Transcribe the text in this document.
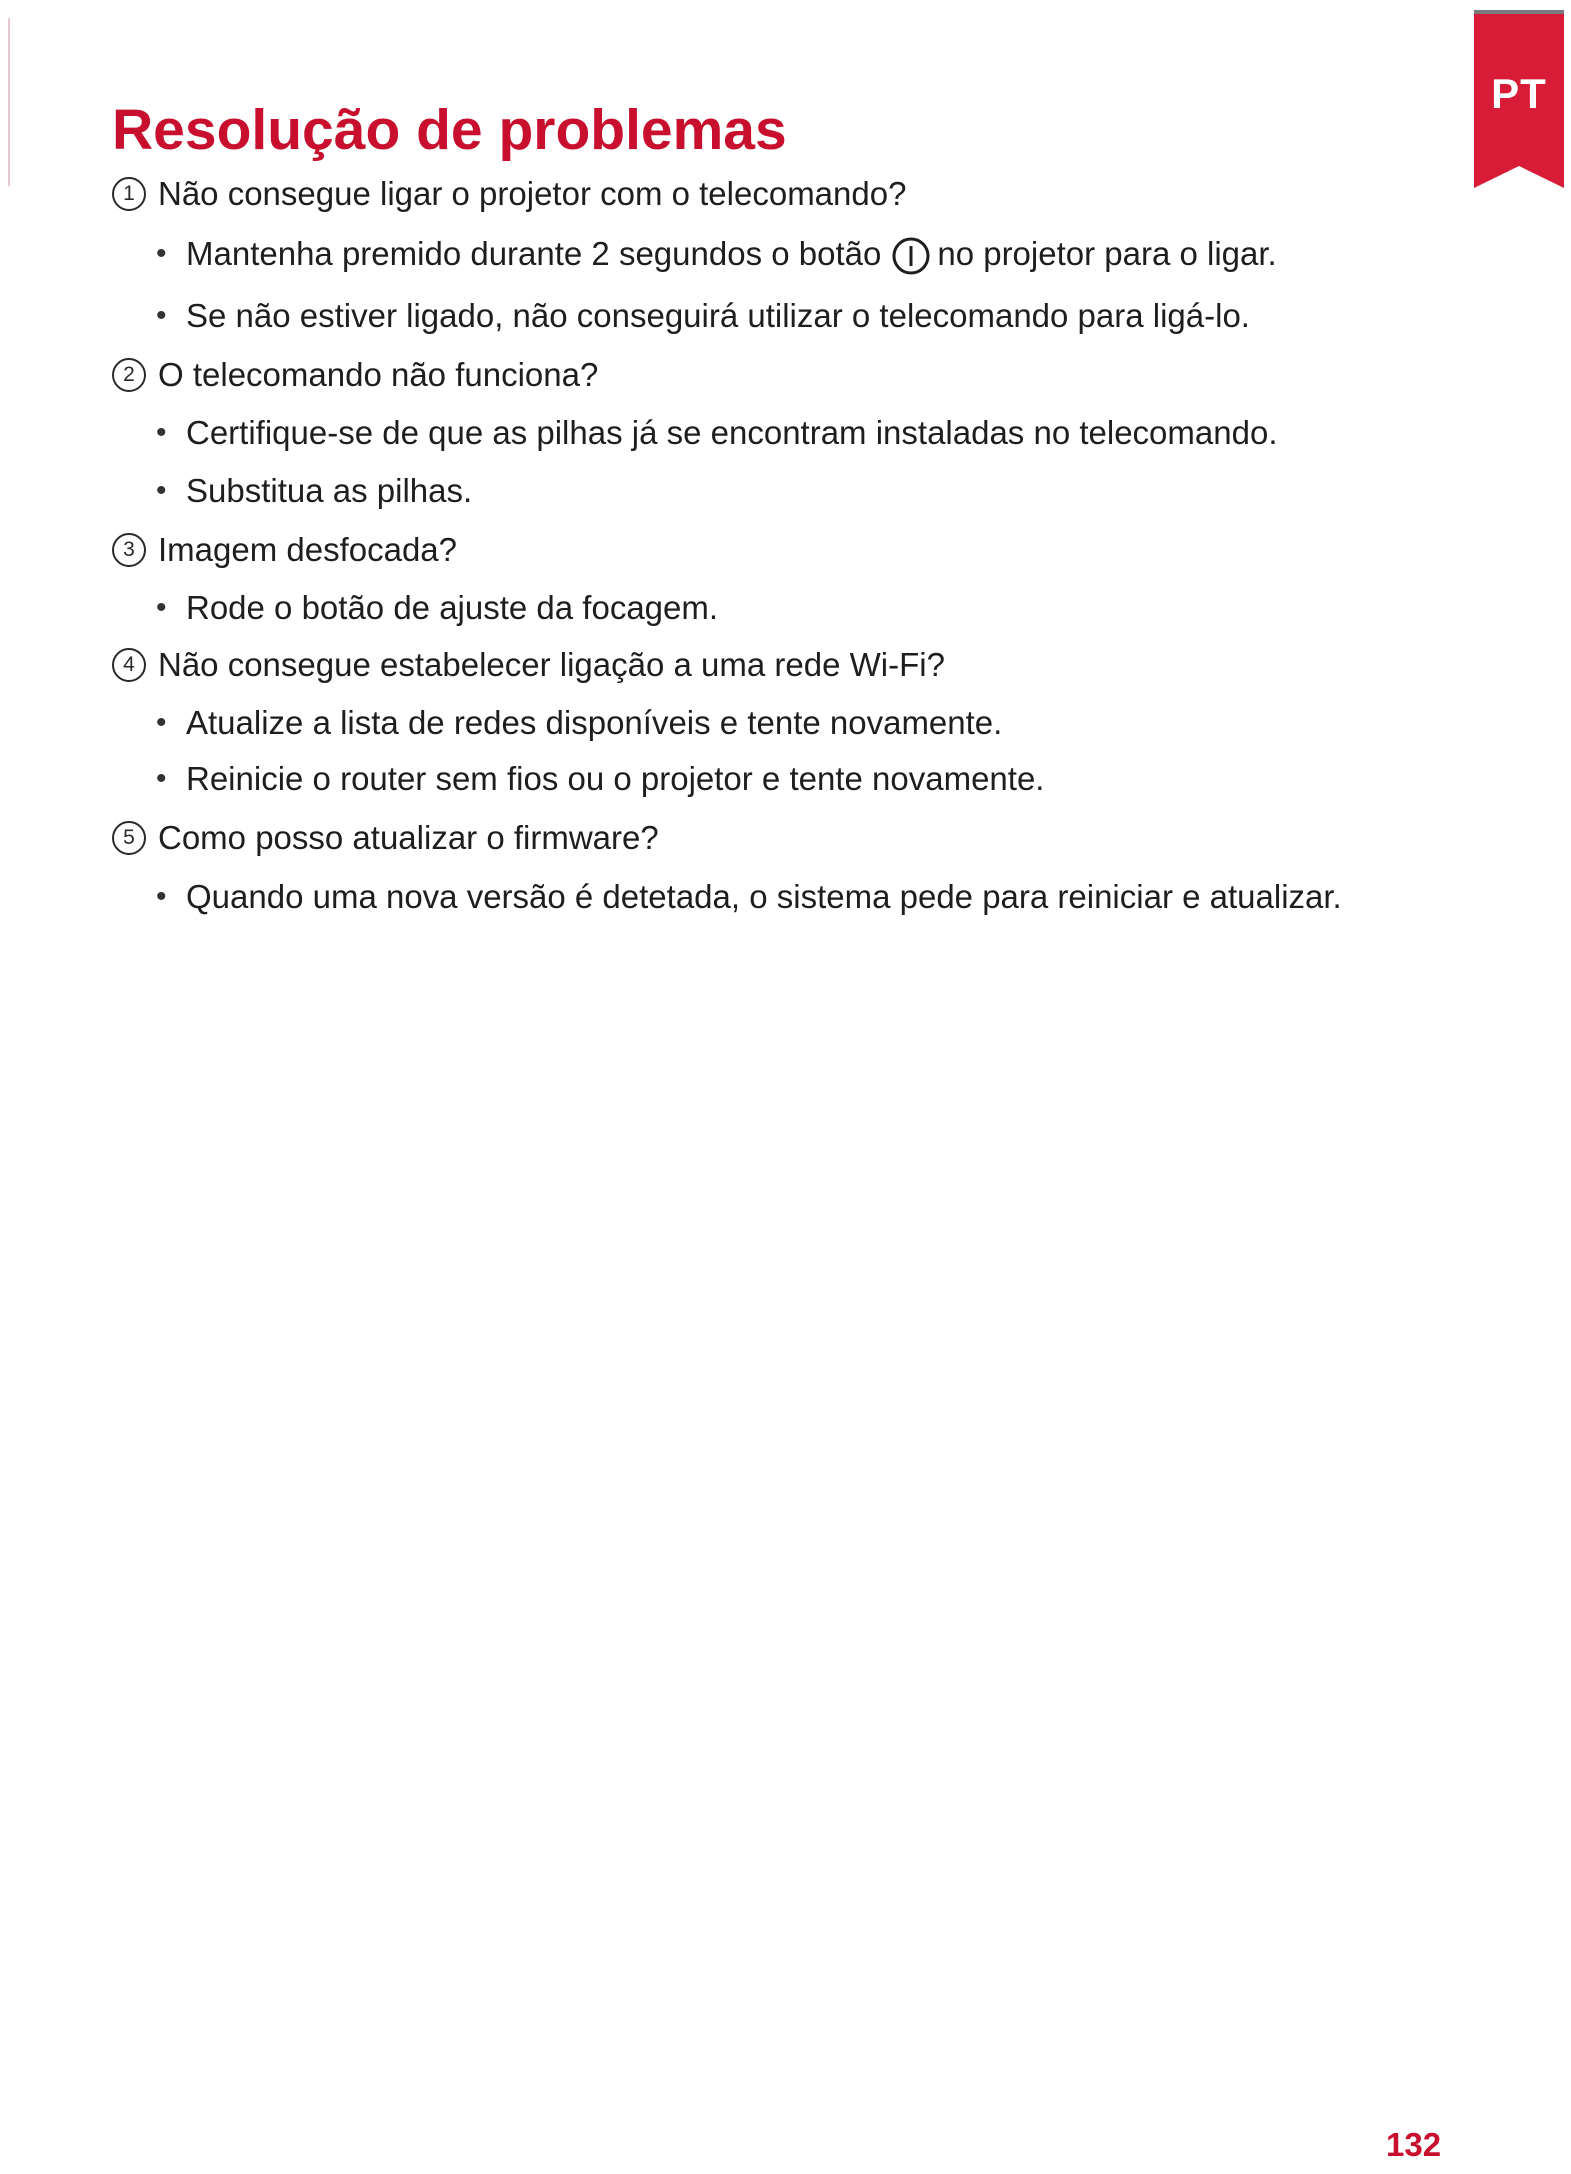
PT
Resolução de problemas
1 Não consegue ligar o projetor com o telecomando?
• Mantenha premido durante 2 segundos o botão no projetor para o ligar.
• Se não estiver ligado, não conseguirá utilizar o telecomando para ligá-lo.
2 O telecomando não funciona?
• Certifique-se de que as pilhas já se encontram instaladas no telecomando.
• Substitua as pilhas.
3 Imagem desfocada?
• Rode o botão de ajuste da focagem.
4 Não consegue estabelecer ligação a uma rede Wi-Fi?
• Atualize a lista de redes disponíveis e tente novamente.
• Reinicie o router sem fios ou o projetor e tente novamente.
5 Como posso atualizar o firmware?
• Quando uma nova versão é detetada, o sistema pede para reiniciar e atualizar.
132
